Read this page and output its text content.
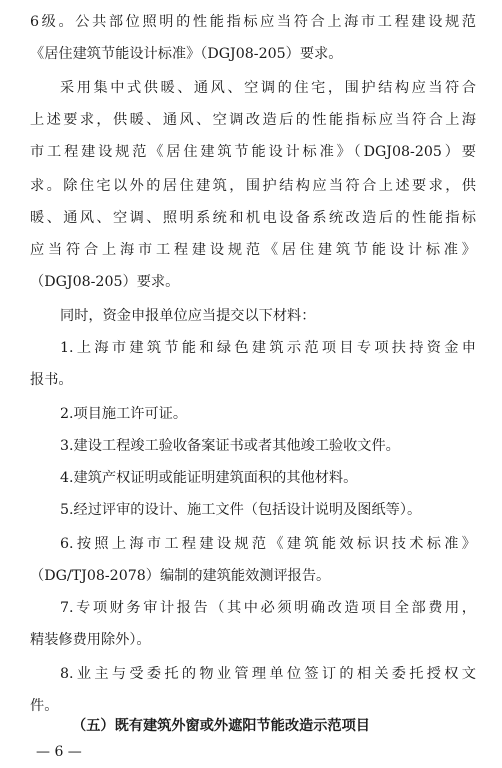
6级。公共部位照明的性能指标应当符合上海市工程建设规范
《居住建筑节能设计标准》（DGJ08-205）要求。
采用集中式供暖、通风、空调的住宅，围护结构应当符合
上述要求，供暖、通风、空调改造后的性能指标应当符合上海
市工程建设规范《居住建筑节能设计标准》（DGJ08-205）要
求。除住宅以外的居住建筑，围护结构应当符合上述要求，供
暖、通风、空调、照明系统和机电设备系统改造后的性能指标
应当符合上海市工程建设规范《居住建筑节能设计标准》
（DGJ08-205）要求。
同时，资金申报单位应当提交以下材料：
1.上海市建筑节能和绿色建筑示范项目专项扶持资金申
报书。
2.项目施工许可证。
3.建设工程竣工验收备案证书或者其他竣工验收文件。
4.建筑产权证明或能证明建筑面积的其他材料。
5.经过评审的设计、施工文件（包括设计说明及图纸等）。
6.按照上海市工程建设规范《建筑能效标识技术标准》
（DG/TJ08-2078）编制的建筑能效测评报告。
7.专项财务审计报告（其中必须明确改造项目全部费用，
精装修费用除外）。
8.业主与受委托的物业管理单位签订的相关委托授权文
件。
（五）既有建筑外窗或外遮阳节能改造示范项目
— 6 —
